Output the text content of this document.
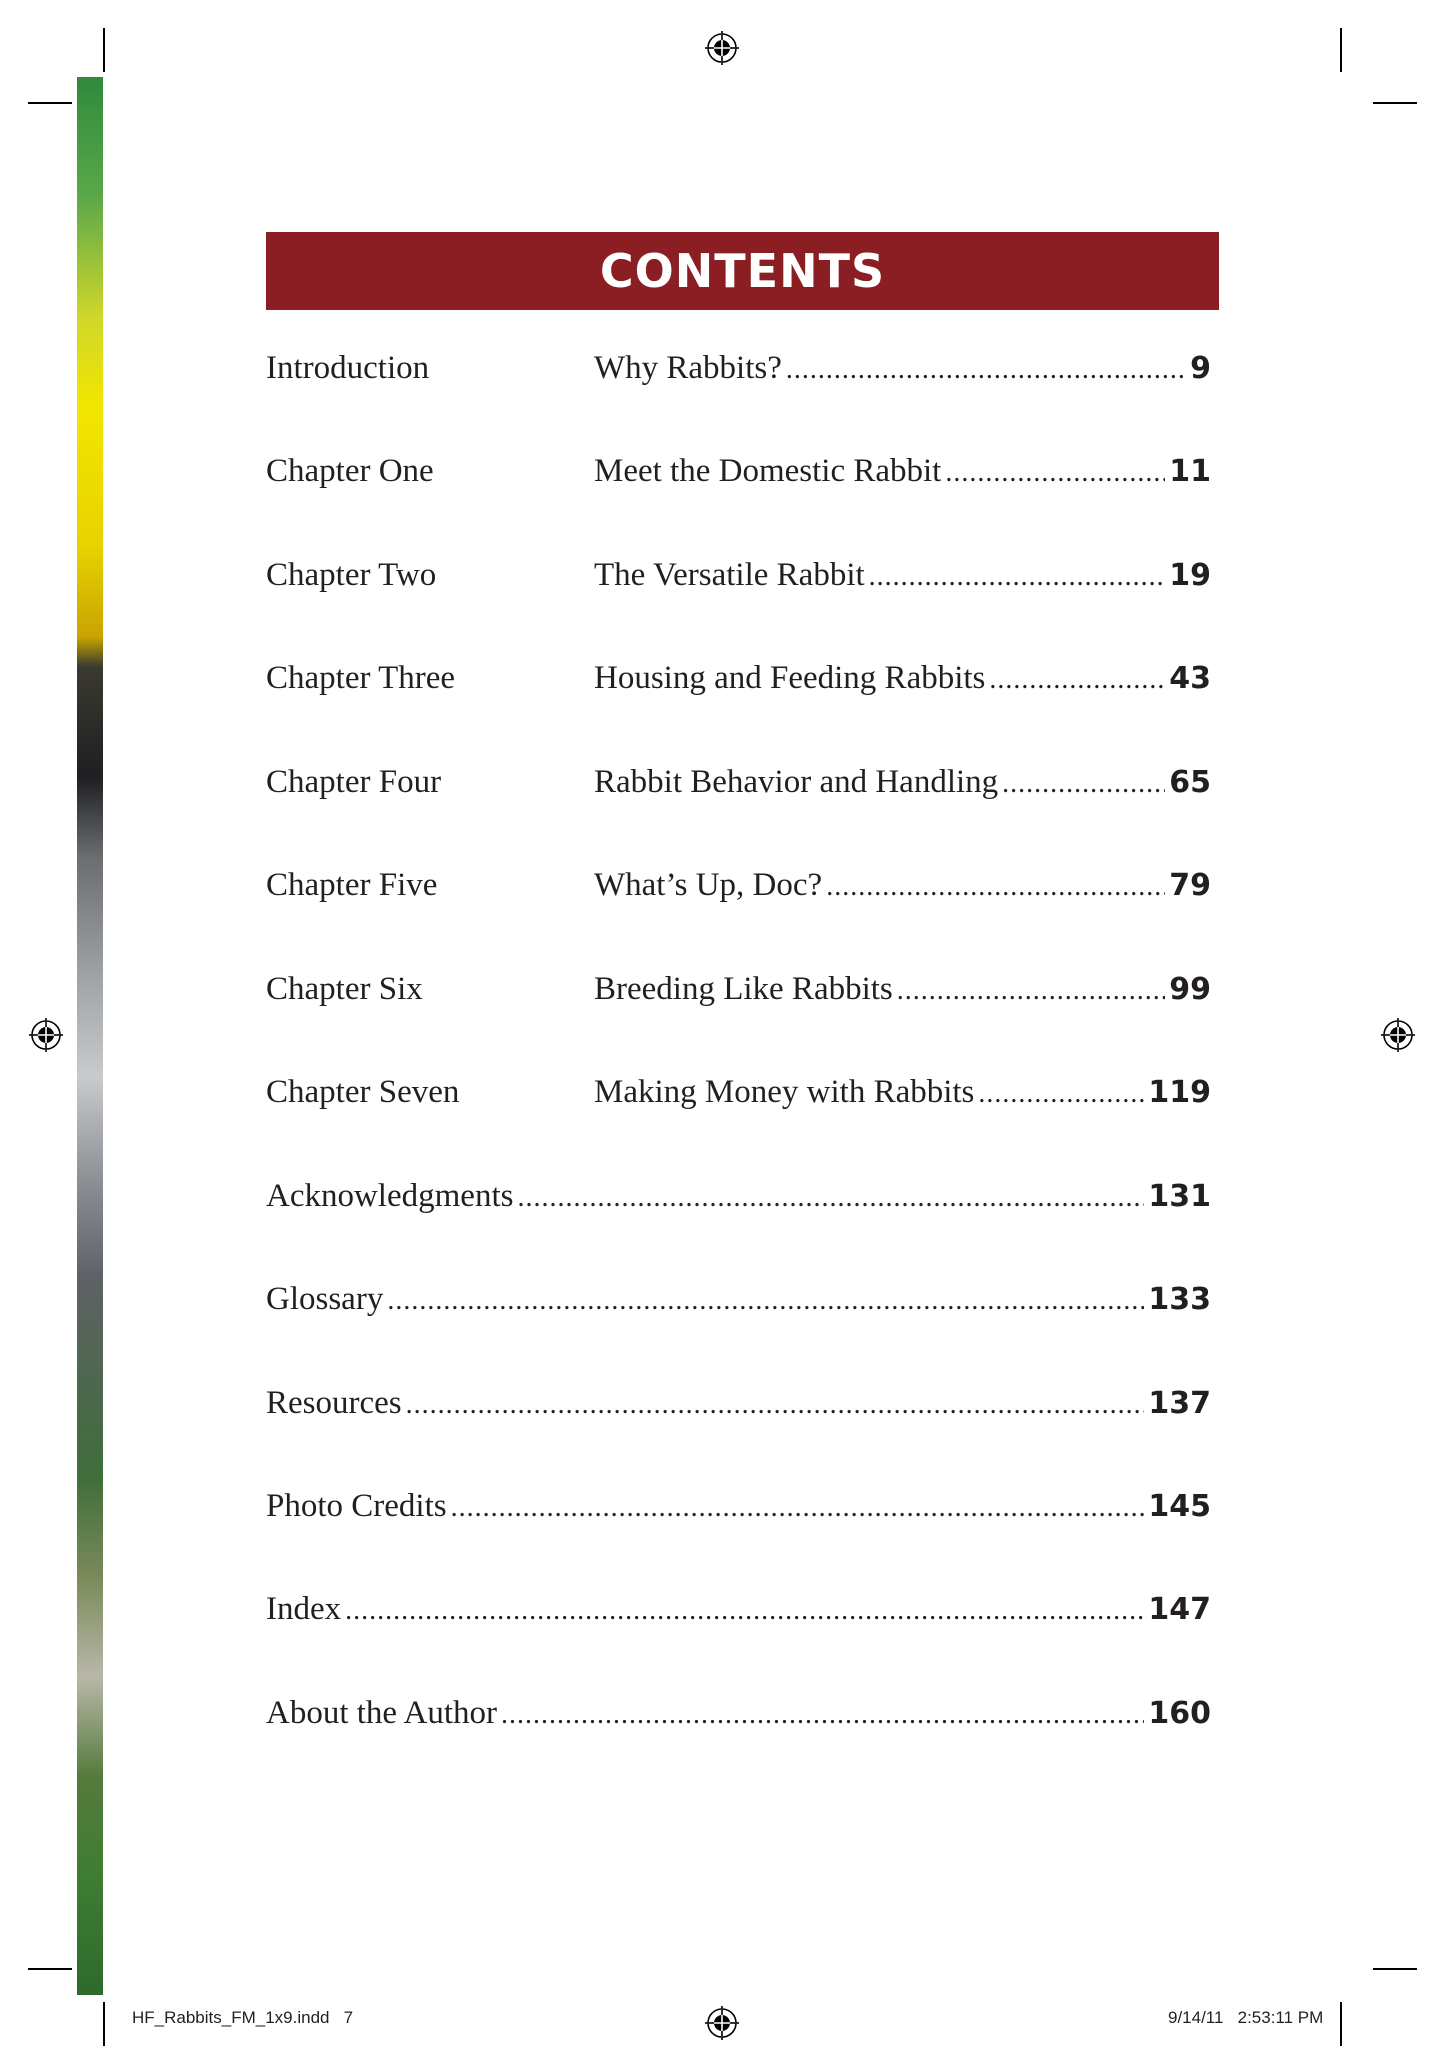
CONTENTS
Introduction	Why Rabbits? .....	9
Chapter One	Meet the Domestic Rabbit .....	11
Chapter Two	The Versatile Rabbit .....	19
Chapter Three	Housing and Feeding Rabbits .....	43
Chapter Four	Rabbit Behavior and Handling .....	65
Chapter Five	What’s Up, Doc? .....	79
Chapter Six	Breeding Like Rabbits .....	99
Chapter Seven	Making Money with Rabbits .....	119
Acknowledgments .....	131
Glossary .....	133
Resources .....	137
Photo Credits .....	145
Index .....	147
About the Author .....	160
HF_Rabbits_FM_1x9.indd   7	9/14/11   2:53:11 PM
